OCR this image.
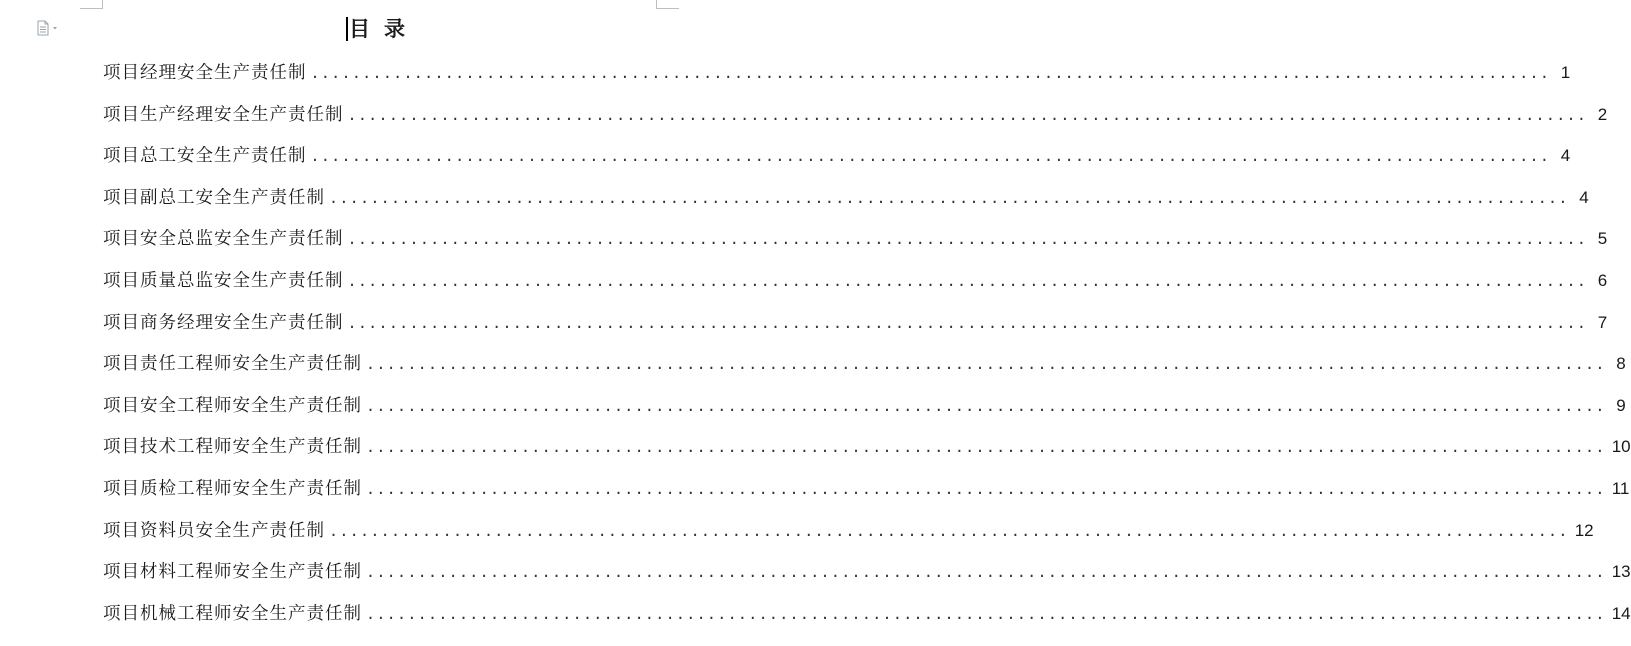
目录
项目经理安全生产责任制 ........................................................................................................................ 1
项目生产经理安全生产责任制 ........................................................................................................................ 2
项目总工安全生产责任制 ........................................................................................................................ 4
项目副总工安全生产责任制 ........................................................................................................................ 4
项目安全总监安全生产责任制 ........................................................................................................................ 5
项目质量总监安全生产责任制 ........................................................................................................................ 6
项目商务经理安全生产责任制 ........................................................................................................................ 7
项目责任工程师安全生产责任制 ........................................................................................................................ 8
项目安全工程师安全生产责任制 ........................................................................................................................ 9
项目技术工程师安全生产责任制 ........................................................................................................................ 10
项目质检工程师安全生产责任制 ........................................................................................................................ 11
项目资料员安全生产责任制 ........................................................................................................................ 12
项目材料工程师安全生产责任制 ........................................................................................................................ 13
项目机械工程师安全生产责任制 ........................................................................................................................ 14
